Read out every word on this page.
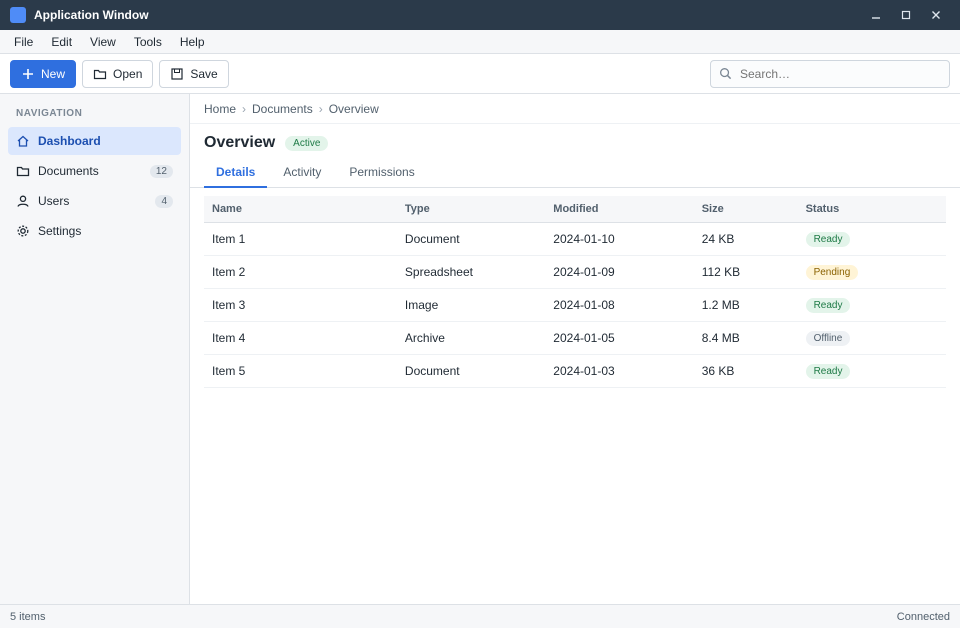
Application Window
File	Edit	View	Tools	Help
New	Open	Save
Search…
NAVIGATION
Dashboard
Documents	12
Users	4
Settings
Home › Documents › Overview
Overview	Active
Details	Activity	Permissions
Name	Type	Modified	Size	Status
Item 1	Document	2024-01-10	24 KB	Ready
Item 2	Spreadsheet	2024-01-09	112 KB	Pending
Item 3	Image	2024-01-08	1.2 MB	Ready
Item 4	Archive	2024-01-05	8.4 MB	Offline
Item 5	Document	2024-01-03	36 KB	Ready
5 items	Connected
